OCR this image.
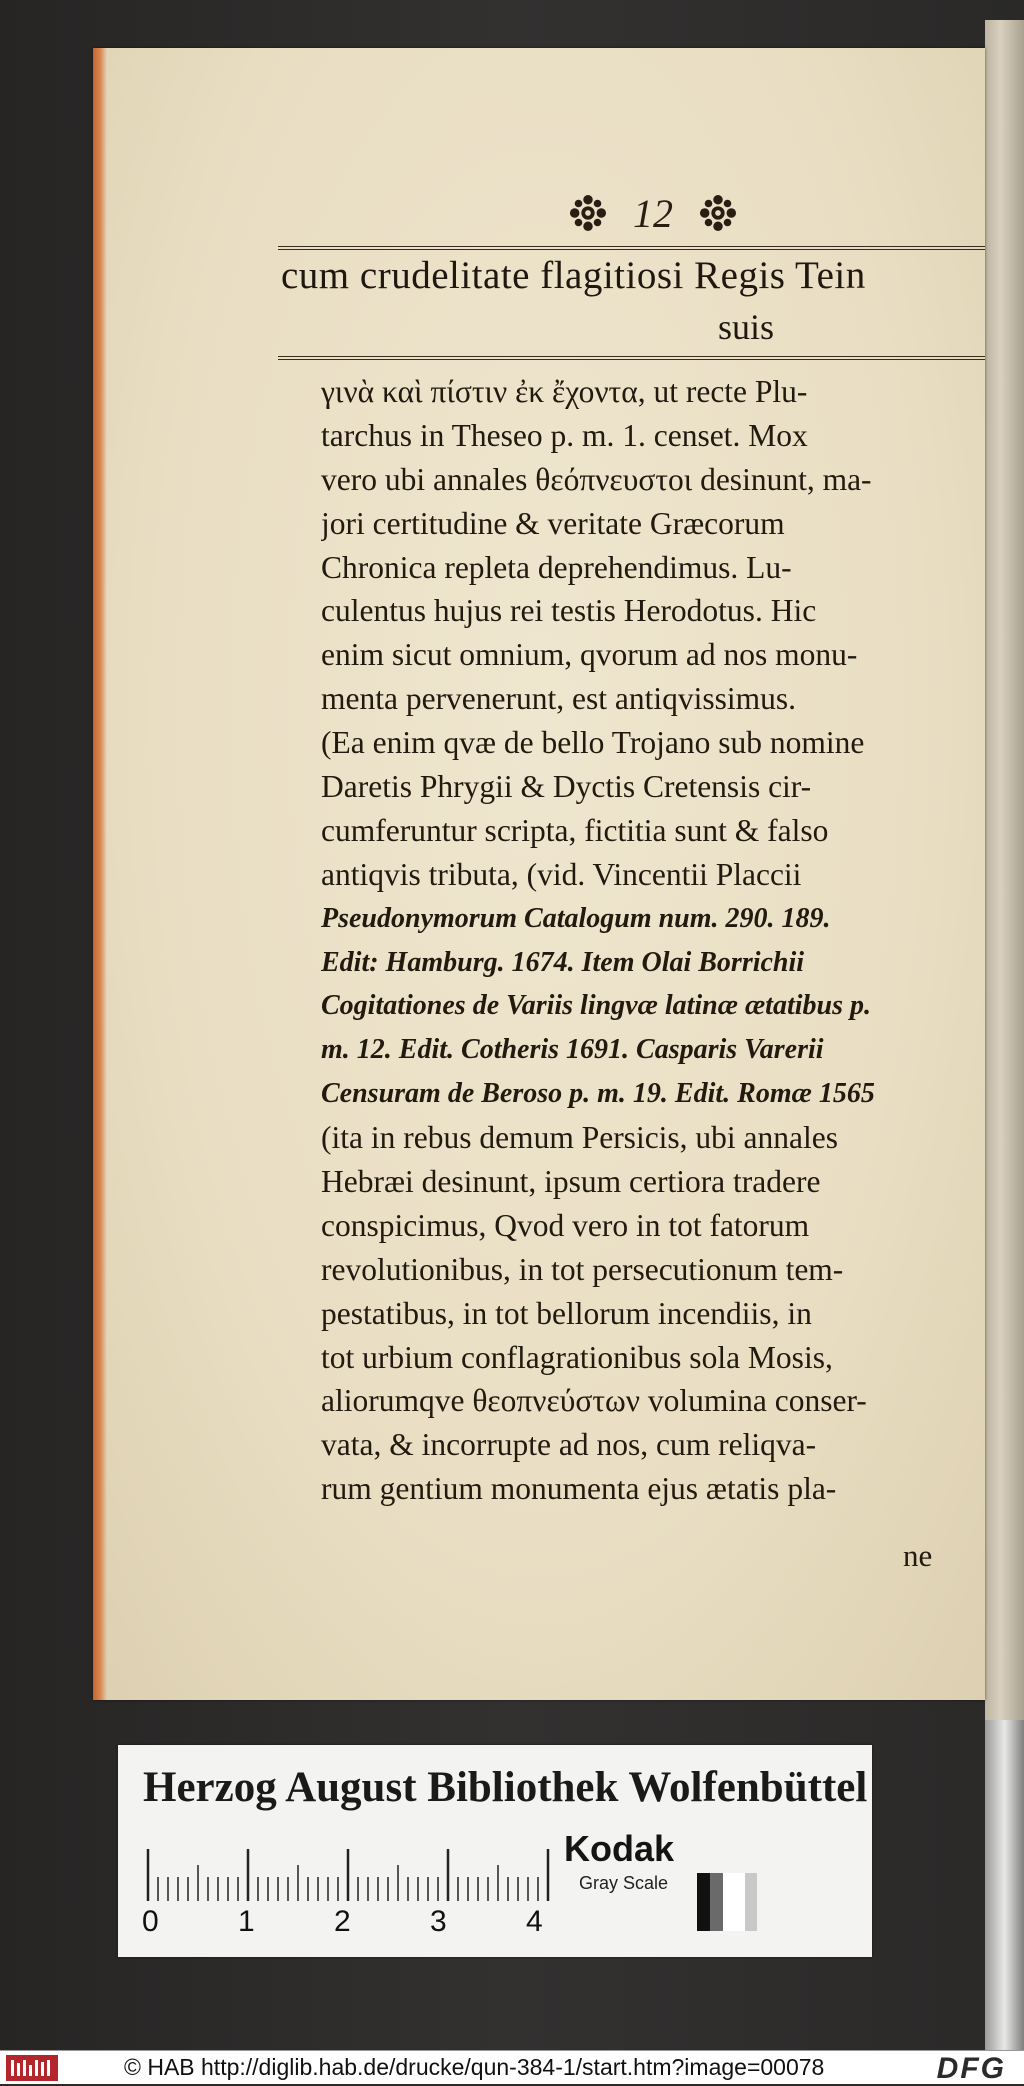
12
cum crudelitate flagitiosi Regis Tein
suis
γινὰ καὶ πίστιν ἐκ ἔχοντα, ut recte Plu-
tarchus in Theseo p. m. 1. censet. Mox
vero ubi annales θεόπνευστοι desinunt, ma-
jori certitudine & veritate Græcorum
Chronica repleta deprehendimus. Lu-
culentus hujus rei testis Herodotus. Hic
enim sicut omnium, qvorum ad nos monu-
menta pervenerunt, est antiqvissimus.
(Ea enim qvæ de bello Trojano sub nomine
Daretis Phrygii & Dyctis Cretensis cir-
cumferuntur scripta, fictitia sunt & falso
antiqvis tributa, (vid. Vincentii Placcii
Pseudonymorum Catalogum num. 290. 189.
Edit: Hamburg. 1674. Item Olai Borrichii
Cogitationes de Variis lingvæ latinæ ætatibus p.
m. 12. Edit. Cotheris 1691. Casparis Varerii
Censuram de Beroso p. m. 19. Edit. Romæ 1565
(ita in rebus demum Persicis, ubi annales
Hebræi desinunt, ipsum certiora tradere
conspicimus, Qvod vero in tot fatorum
revolutionibus, in tot persecutionum tem-
pestatibus, in tot bellorum incendiis, in
tot urbium conflagrationibus sola Mosis,
aliorumqve θεοπνεύστων volumina conser-
vata, & incorrupte ad nos, cum reliqva-
rum gentium monumenta ejus ætatis pla-
ne
Herzog August Bibliothek Wolfenbüttel
0	1	2	3	4
Kodak
Gray Scale
© HAB http://diglib.hab.de/drucke/qun-384-1/start.htm?image=00078	DFG
